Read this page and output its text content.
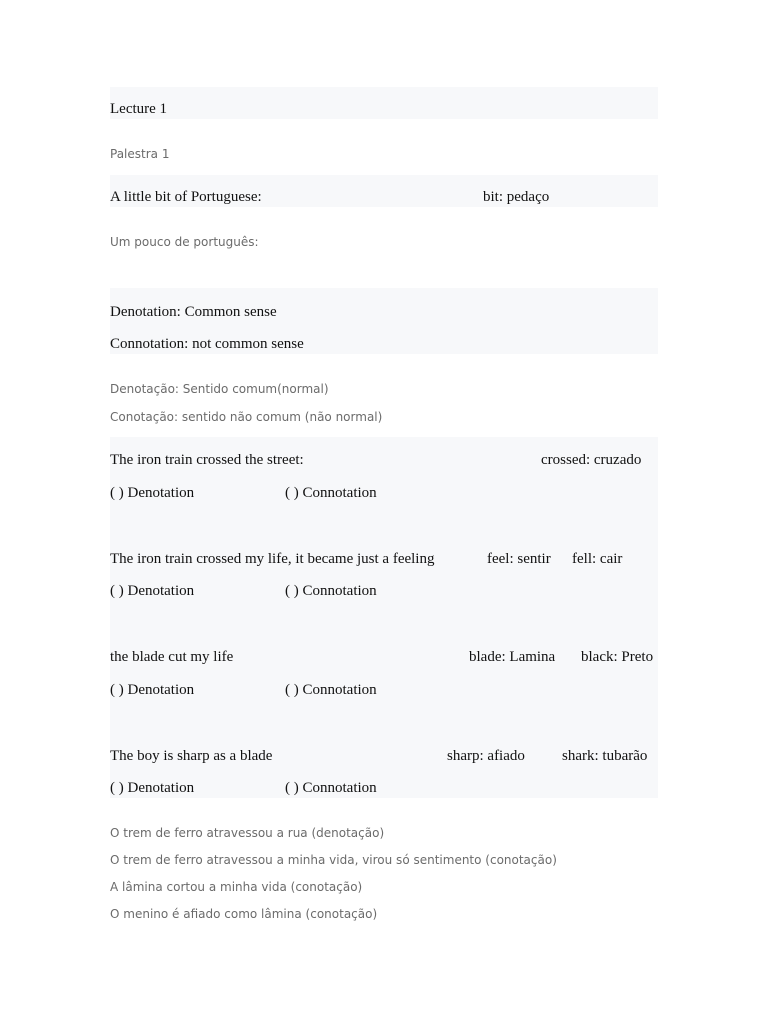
Lecture 1
Palestra 1
A little bit of Portuguese:	bit: pedaço
Um pouco de português:
Denotation: Common sense
Connotation: not common sense
Denotação: Sentido comum(normal)
Conotação: sentido não comum (não normal)
The iron train crossed the street:	crossed: cruzado
( ) Denotation	( ) Connotation
The iron train crossed my life, it became just a feeling	feel: sentir fell: cair
( ) Denotation	( ) Connotation
the blade cut my life	blade: Lamina black: Preto
( ) Denotation	( ) Connotation
The boy is sharp as a blade	sharp: afiado shark: tubarão
( ) Denotation	( ) Connotation
O trem de ferro atravessou a rua (denotação)
O trem de ferro atravessou a minha vida, virou só sentimento (conotação)
A lâmina cortou a minha vida (conotação)
O menino é afiado como lâmina (conotação)
